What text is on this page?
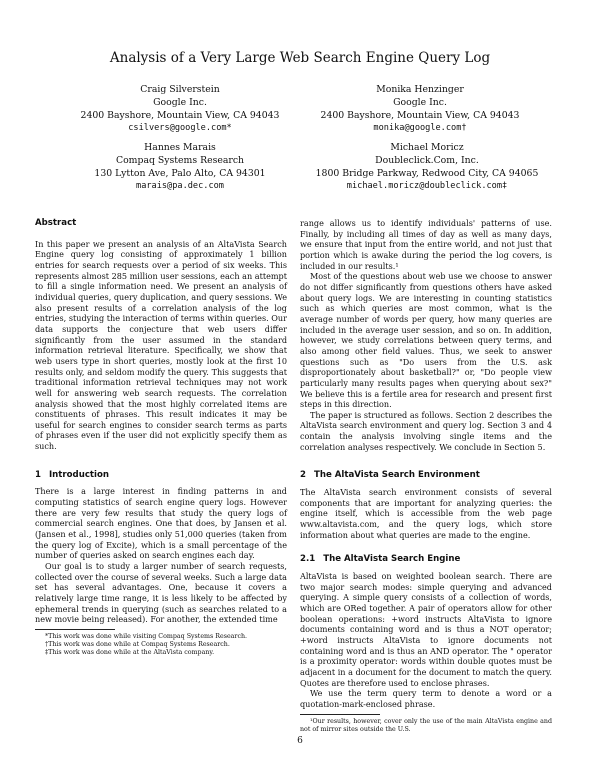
Analysis of a Very Large Web Search Engine Query Log
Craig Silverstein
Google Inc.
2400 Bayshore, Mountain View, CA 94043
csilvers@google.com*
Monika Henzinger
Google Inc.
2400 Bayshore, Mountain View, CA 94043
monika@google.com†
Hannes Marais
Compaq Systems Research
130 Lytton Ave, Palo Alto, CA 94301
marais@pa.dec.com
Michael Moricz
Doubleclick.Com, Inc.
1800 Bridge Parkway, Redwood City, CA 94065
michael.moricz@doubleclick.com‡
Abstract

In this paper we present an analysis of an AltaVista Search Engine query log consisting of approximately 1 billion entries for search requests over a period of six weeks. This represents almost 285 million user sessions, each an attempt to fill a single information need. We present an analysis of individual queries, query duplication, and query sessions. We also present results of a correlation analysis of the log entries, studying the interaction of terms within queries. Our data supports the conjecture that web users differ significantly from the user assumed in the standard information retrieval literature. Specifically, we show that web users type in short queries, mostly look at the first 10 results only, and seldom modify the query. This suggests that traditional information retrieval techniques may not work well for answering web search requests. The correlation analysis showed that the most highly correlated items are constituents of phrases. This result indicates it may be useful for search engines to consider search terms as parts of phrases even if the user did not explicitly specify them as such.

1 Introduction

There is a large interest in finding patterns in and computing statistics of search engine query logs. However there are very few results that study the query logs of commercial search engines. One that does, by Jansen et al. (Jansen et al., 1998], studies only 51,000 queries (taken from the query log of Excite), which is a small percentage of the number of queries asked on search engines each day.

Our goal is to study a larger number of search requests, collected over the course of several weeks. Such a large data set has several advantages. One, because it covers a relatively large time range, it is less likely to be affected by ephemeral trends in querying (such as searches related to a new movie being released). For another, the extended time

*This work was done while visiting Compaq Systems Research.

†This work was done while at Compaq Systems Research.

‡This work was done while at the AltaVista company.

range allows us to identify individuals' patterns of use. Finally, by including all times of day as well as many days, we ensure that input from the entire world, and not just that portion which is awake during the period the log covers, is included in our results.¹

Most of the questions about web use we choose to answer do not differ significantly from questions others have asked about query logs. We are interesting in counting statistics such as which queries are most common, what is the average number of words per query, how many queries are included in the average user session, and so on. In addition, however, we study correlations between query terms, and also among other field values. Thus, we seek to answer questions such as "Do users from the U.S. ask disproportionately about basketball?" or, "Do people view particularly many results pages when querying about sex?" We believe this is a fertile area for research and present first steps in this direction.

The paper is structured as follows. Section 2 describes the AltaVista search environment and query log. Section 3 and 4 contain the analysis involving single items and the correlation analyses respectively. We conclude in Section 5.

2 The AltaVista Search Environment

The AltaVista search environment consists of several components that are important for analyzing queries: the engine itself, which is accessible from the web page www.altavista.com, and the query logs, which store information about what queries are made to the engine.

2.1 The AltaVista Search Engine

AltaVista is based on weighted boolean search. There are two major search modes: simple querying and advanced querying. A simple query consists of a collection of words, which are ORed together. A pair of operators allow for other boolean operations: +word instructs AltaVista to ignore documents containing word and is thus a NOT operator; +word instructs AltaVista to ignore documents not containing word and is thus an AND operator. The " operator is a proximity operator: words within double quotes must be adjacent in a document for the document to match the query. Quotes are therefore used to enclose phrases.

We use the term query term to denote a word or a quotation-mark-enclosed phrase.

¹Our results, however, cover only the use of the main AltaVista engine and not of mirror sites outside the U.S.

6
